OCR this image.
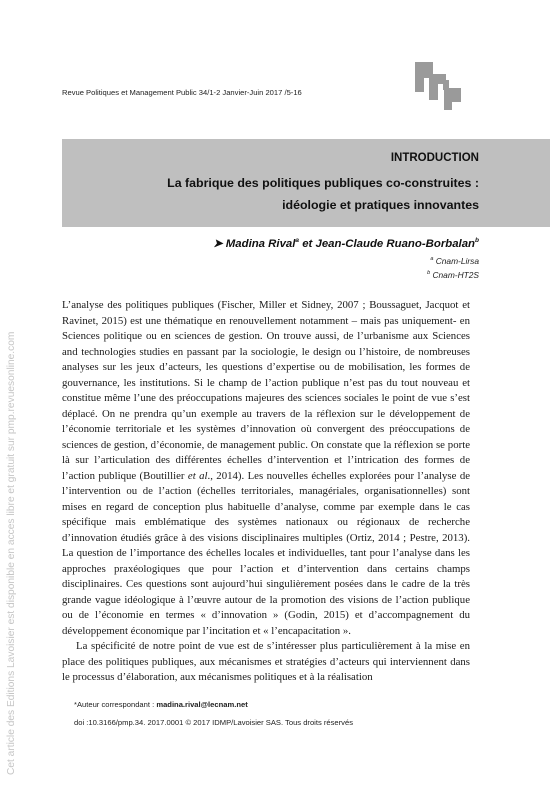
Revue Politiques et Management Public 34/1-2 Janvier-Juin 2017 /5-16
INTRODUCTION
La fabrique des politiques publiques co-construites :
idéologie et pratiques innovantes
➤ Madina Rival$^a$ et Jean-Claude Ruano-Borbalan$^b$
$^a$ Cnam-Lirsa
$^b$ Cnam-HT2S
Cet article des Editions Lavoisier est disponible en acces libre et gratuit sur pmp.revuesonline.com

L’analyse des politiques publiques (Fischer, Miller et Sidney, 2007 ; Boussaguet, Jacquot et Ravinet, 2015) est une thématique en renouvellement notamment – mais pas uniquement- en Sciences politique ou en sciences de gestion. On trouve aussi, de l’urbanisme aux Sciences and technologies studies en passant par la sociologie, le design ou l’histoire, de nombreuses analyses sur les jeux d’acteurs, les questions d’expertise ou de mobilisation, les formes de gouvernance, les institutions. Si le champ de l’action publique n’est pas du tout nouveau et constitue même l’une des préoccupations majeures des sciences sociales le point de vue s’est déplacé. On ne prendra qu’un exemple au travers de la réflexion sur le développement de l’économie territoriale et les systèmes d’innovation où convergent des préoccupations de sciences de gestion, d’économie, de management public. On constate que la réflexion se porte là sur l’articulation des différentes échelles d’intervention et l’intrication des formes de l’action publique (Boutillier et al., 2014). Les nouvelles échelles explorées pour l’analyse de l’intervention ou de l’action (échelles territoriales, managériales, organisationnelles) sont mises en regard de conception plus habituelle d’analyse, comme par exemple dans le cas spécifique mais emblématique des systèmes nationaux ou régionaux de recherche d’innovation étudiés grâce à des visions disciplinaires multiples (Ortiz, 2014 ; Pestre, 2013). La question de l’importance des échelles locales et individuelles, tant pour l’analyse dans les approches praxéologiques que pour l’action et d’intervention dans certains champs disciplinaires. Ces questions sont aujourd’hui singulièrement posées dans le cadre de la très grande vague idéologique à l’œuvre autour de la promotion des visions de l’action publique ou de l’économie en termes « d’innovation » (Godin, 2015) et d’accompagnement du développement économique par l’incitation et « l’encapacitation ».

La spécificité de notre point de vue est de s’intéresser plus particulièrement à la mise en place des politiques publiques, aux mécanismes et stratégies d’acteurs qui interviennent dans le processus d’élaboration, aux mécanismes politiques et à la réalisation

*Auteur correspondant : madina.rival@lecnam.net
doi :10.3166/pmp.34. 2017.0001 © 2017 IDMP/Lavoisier SAS. Tous droits réservés
